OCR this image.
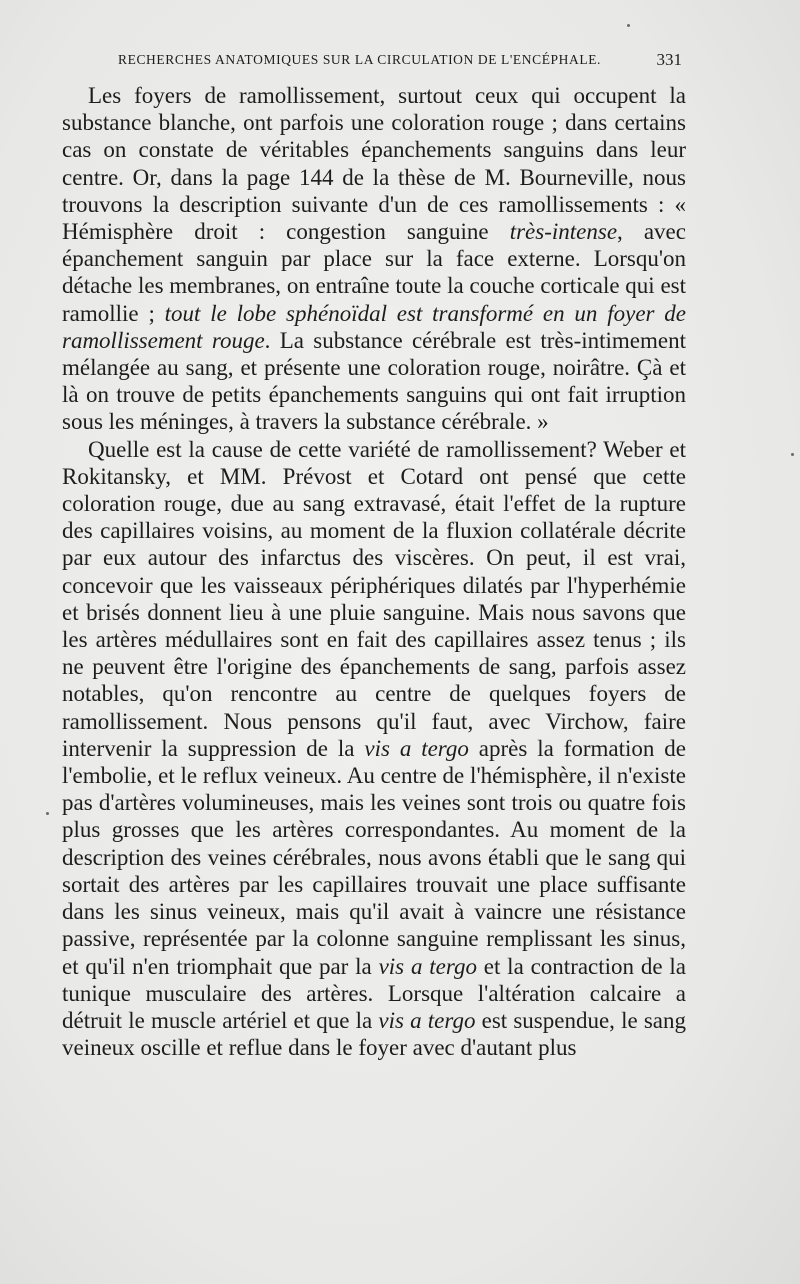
RECHERCHES ANATOMIQUES SUR LA CIRCULATION DE L'ENCÉPHALE.	331

Les foyers de ramollissement, surtout ceux qui occupent la substance blanche, ont parfois une coloration rouge ; dans certains cas on constate de véritables épanchements sanguins dans leur centre. Or, dans la page 144 de la thèse de M. Bourneville, nous trouvons la description suivante d'un de ces ramollissements : « Hémisphère droit : congestion sanguine très-intense, avec épanchement sanguin par place sur la face externe. Lorsqu'on détache les membranes, on entraîne toute la couche corticale qui est ramollie ; tout le lobe sphénoïdal est transformé en un foyer de ramollissement rouge. La substance cérébrale est très-intimement mélangée au sang, et présente une coloration rouge, noirâtre. Çà et là on trouve de petits épanchements sanguins qui ont fait irruption sous les méninges, à travers la substance cérébrale. »

Quelle est la cause de cette variété de ramollissement? Weber et Rokitansky, et MM. Prévost et Cotard ont pensé que cette coloration rouge, due au sang extravasé, était l'effet de la rupture des capillaires voisins, au moment de la fluxion collatérale décrite par eux autour des infarctus des viscères. On peut, il est vrai, concevoir que les vaisseaux périphériques dilatés par l'hyperhémie et brisés donnent lieu à une pluie sanguine. Mais nous savons que les artères médullaires sont en fait des capillaires assez tenus ; ils ne peuvent être l'origine des épanchements de sang, parfois assez notables, qu'on rencontre au centre de quelques foyers de ramollissement. Nous pensons qu'il faut, avec Virchow, faire intervenir la suppression de la vis a tergo après la formation de l'embolie, et le reflux veineux. Au centre de l'hémisphère, il n'existe pas d'artères volumineuses, mais les veines sont trois ou quatre fois plus grosses que les artères correspondantes. Au moment de la description des veines cérébrales, nous avons établi que le sang qui sortait des artères par les capillaires trouvait une place suffisante dans les sinus veineux, mais qu'il avait à vaincre une résistance passive, représentée par la colonne sanguine remplissant les sinus, et qu'il n'en triomphait que par la vis a tergo et la contraction de la tunique musculaire des artères. Lorsque l'altération calcaire a détruit le muscle artériel et que la vis a tergo est suspendue, le sang veineux oscille et reflue dans le foyer avec d'autant plus
